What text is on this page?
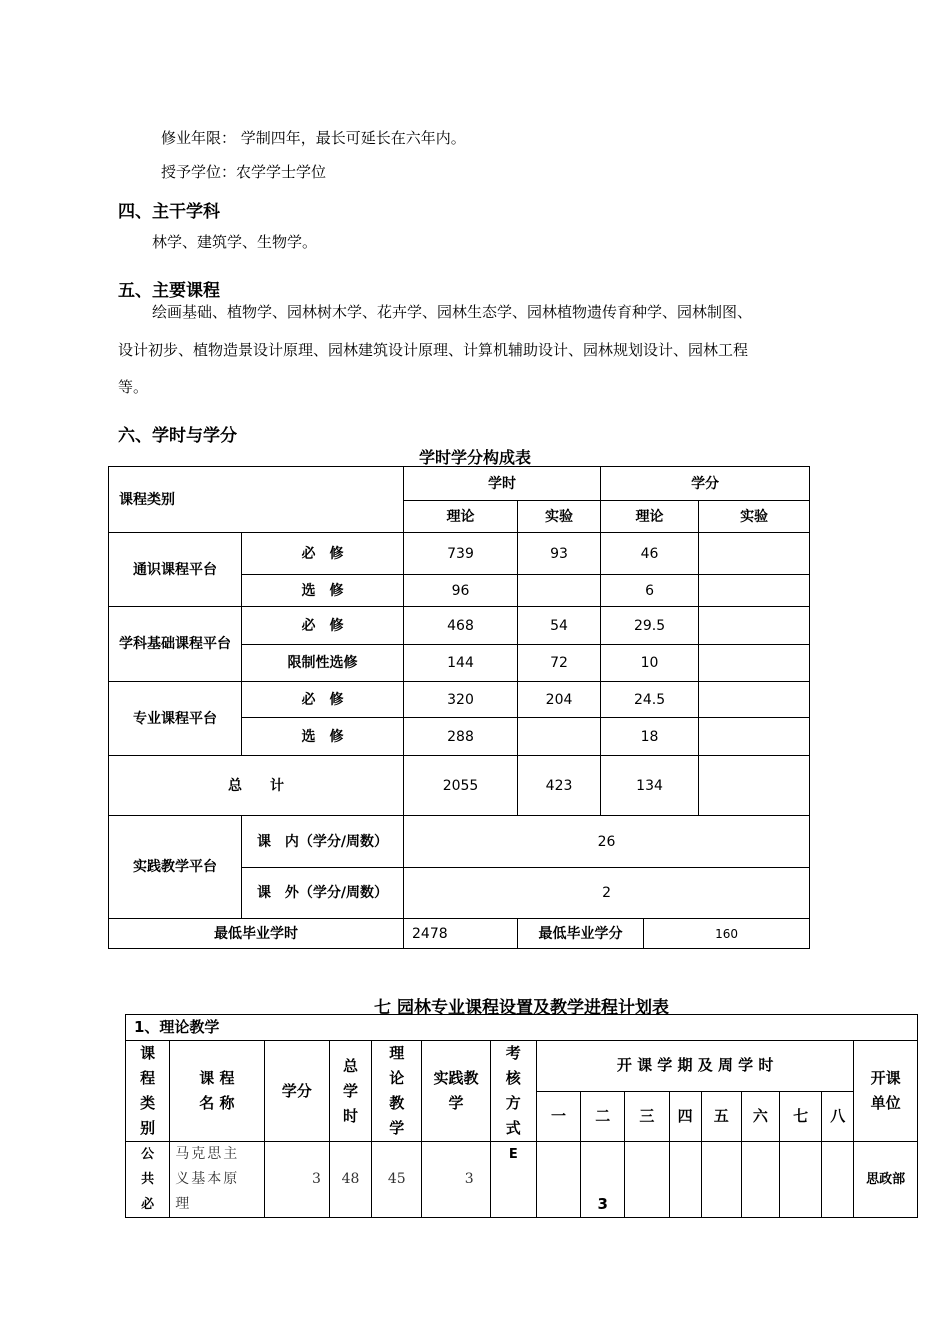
修业年限： 学制四年，最长可延长在六年内。
授予学位：农学学士学位
四、主干学科
林学、建筑学、生物学。
五、主要课程
绘画基础、植物学、园林树木学、花卉学、园林生态学、园林植物遗传育种学、园林制图、
设计初步、植物造景设计原理、园林建筑设计原理、计算机辅助设计、园林规划设计、园林工程
等。
六、学时与学分
学时学分构成表
课程类别		学时		学分		
		理论	实验	理论		实验
通识课程平台	必　修	739	93	46		
	选　修	96		6		
学科基础课程平台	必　修	468	54	29.5		
	限制性选修	144	72	10		
专业课程平台	必　修	320	204	24.5		
	选　修	288		18		
总　　计		2055	423	134		
实践教学平台	课　内（学分/周数）	26				
	课　外（学分/周数）	2				
最低毕业学时		2478	最低毕业学分		160	
七 园林专业课程设置及教学进程计划表
1、理论教学															

课
程
类
别	课 程
名 称	学分	总
学
时	理
论
教
学	实践教
学	考
核
方
式	开 课 学 期 及 周 学 时								开课
单位

							一	二	三	四	五	六	七	八	

公
共
必	马克思主
义基本原
理	3	48	45	3	E		3							思政部
